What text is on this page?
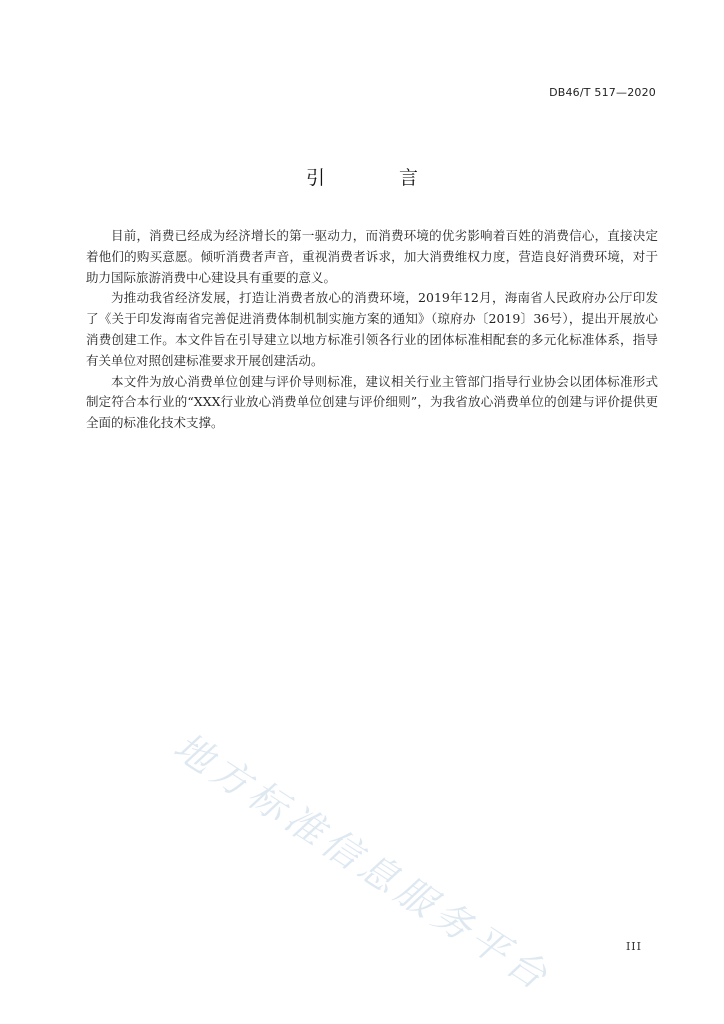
DB46/T 517—2020
引 言

目前，消费已经成为经济增长的第一驱动力，而消费环境的优劣影响着百姓的消费信心，直接决定着他们的购买意愿。倾听消费者声音，重视消费者诉求，加大消费维权力度，营造良好消费环境，对于助力国际旅游消费中心建设具有重要的意义。

为推动我省经济发展，打造让消费者放心的消费环境，2019年12月，海南省人民政府办公厅印发了《关于印发海南省完善促进消费体制机制实施方案的通知》（琼府办〔2019〕36号），提出开展放心消费创建工作。本文件旨在引导建立以地方标准引领各行业的团体标准相配套的多元化标准体系，指导有关单位对照创建标准要求开展创建活动。

本文件为放心消费单位创建与评价导则标准，建议相关行业主管部门指导行业协会以团体标准形式制定符合本行业的“XXX行业放心消费单位创建与评价细则”，为我省放心消费单位的创建与评价提供更全面的标准化技术支撑。

地方标准信息服务平台	III
